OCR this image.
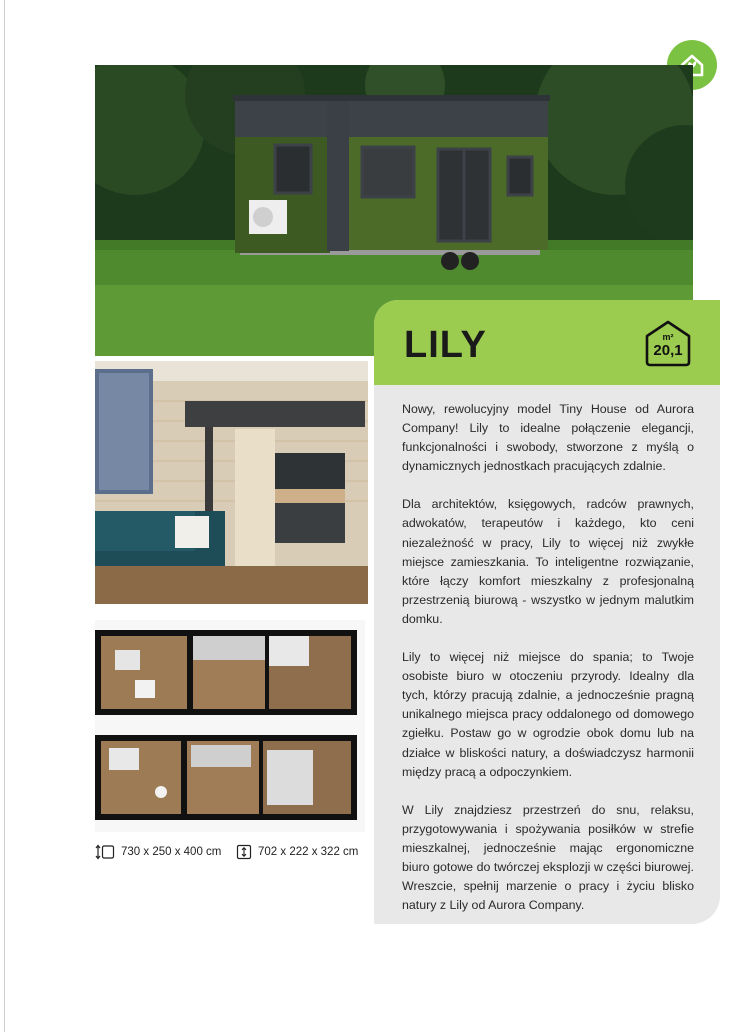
730 x 250 x 400 cm	702 x 222 x 322 cm
LILY	m²
20,1

Nowy, rewolucyjny model Tiny House od Aurora Company! Lily to idealne połączenie elegancji, funkcjonalności i swobody, stworzone z myślą o dynamicznych jednostkach pracujących zdalnie.

Dla architektów, księgowych, radców prawnych, adwokatów, terapeutów i każdego, kto ceni niezależność w pracy, Lily to więcej niż zwykłe miejsce zamieszkania. To inteligentne rozwiązanie, które łączy komfort mieszkalny z profesjonalną przestrzenią biurową - wszystko w jednym malutkim domku.

Lily to więcej niż miejsce do spania; to Twoje osobiste biuro w otoczeniu przyrody. Idealny dla tych, którzy pracują zdalnie, a jednocześnie pragną unikalnego miejsca pracy oddalonego od domowego zgiełku. Postaw go w ogrodzie obok domu lub na działce w bliskości natury, a doświadczysz harmonii między pracą a odpoczynkiem.

W Lily znajdziesz przestrzeń do snu, relaksu, przygotowywania i spożywania posiłków w strefie mieszkalnej, jednocześnie mając ergonomiczne biuro gotowe do twórczej eksplozji w części biurowej. Wreszcie, spełnij marzenie o pracy i życiu blisko natury z Lily od Aurora Company.
